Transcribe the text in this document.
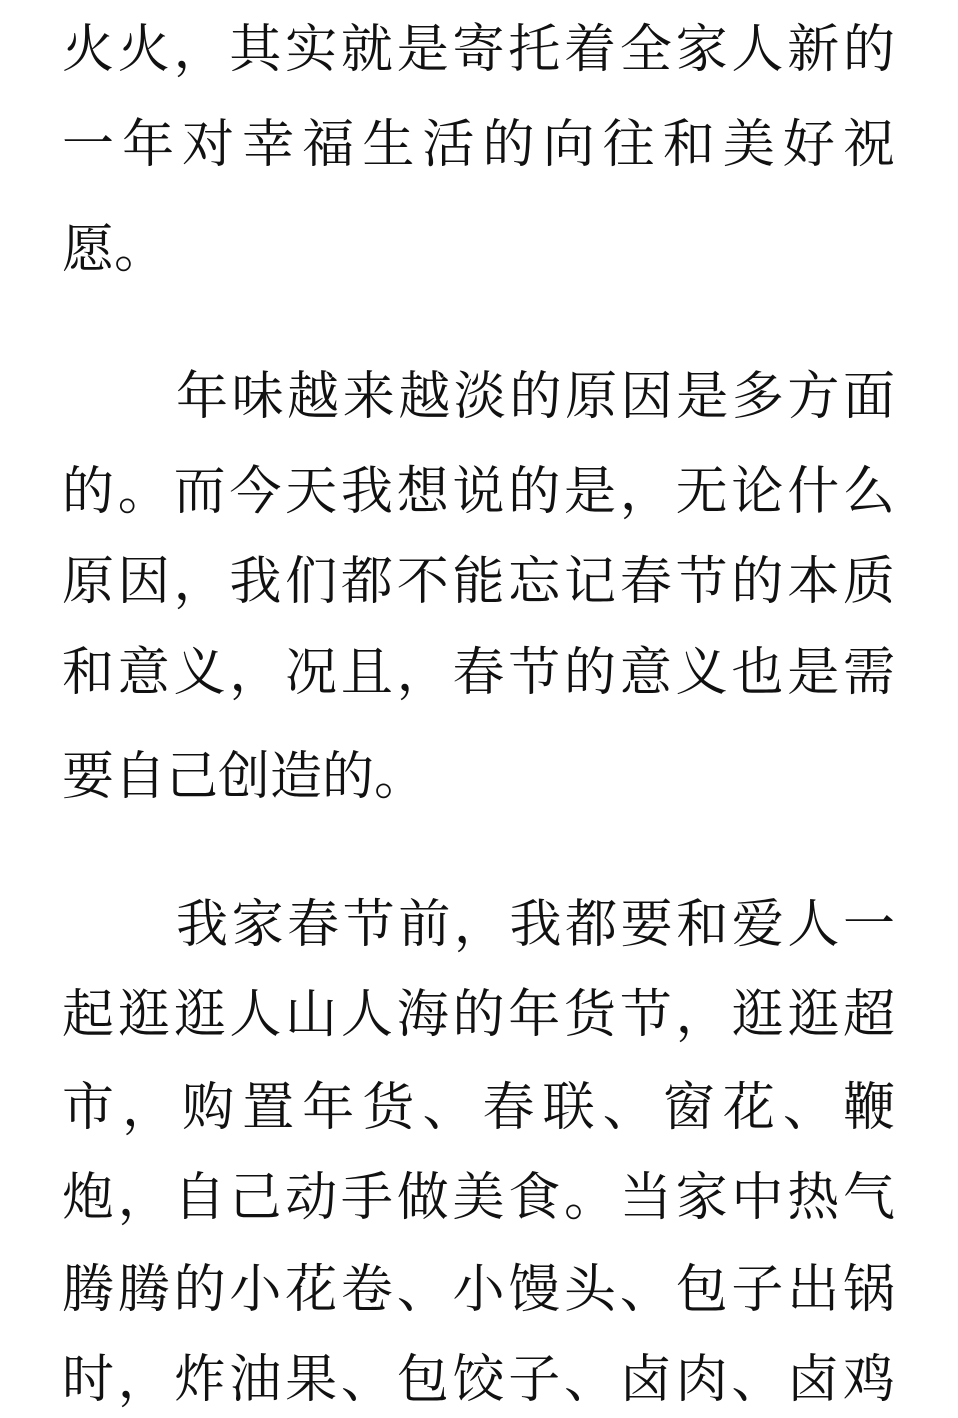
火火，其实就是寄托着全家人新的

一年对幸福生活的向往和美好祝

愿。

年味越来越淡的原因是多方面

的。而今天我想说的是，无论什么

原因，我们都不能忘记春节的本质

和意义，况且，春节的意义也是需

要自己创造的。

我家春节前，我都要和爱人一

起逛逛人山人海的年货节，逛逛超

市，购置年货、春联、窗花、鞭

炮，自己动手做美食。当家中热气

腾腾的小花卷、小馒头、包子出锅

时，炸油果、包饺子、卤肉、卤鸡
